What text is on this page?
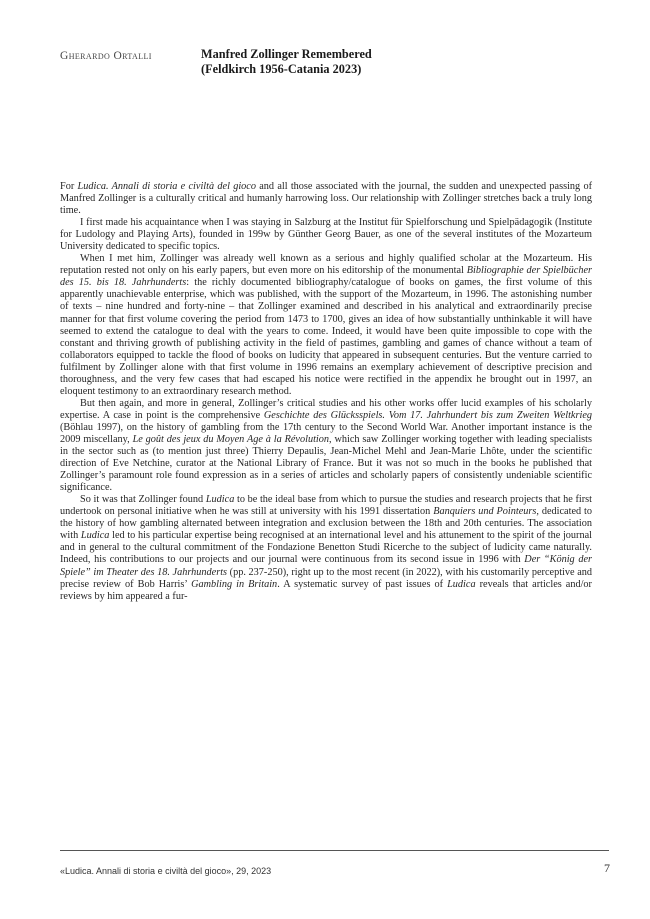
Gherardo Ortalli	Manfred Zollinger Remembered
(Feldkirch 1956-Catania 2023)

For Ludica. Annali di storia e civiltà del gioco and all those associated with the journal, the sudden and unexpected passing of Manfred Zollinger is a culturally critical and humanly harrowing loss. Our relationship with Zollinger stretches back a truly long time.

I first made his acquaintance when I was staying in Salzburg at the Institut für Spielforschung und Spielpädagogik (Institute for Ludology and Playing Arts), founded in 199w by Günther Georg Bauer, as one of the several institutes of the Mozarteum University dedicated to specific topics.

When I met him, Zollinger was already well known as a serious and highly qualified scholar at the Mozarteum. His reputation rested not only on his early papers, but even more on his editorship of the monumental Bibliographie der Spielbücher des 15. bis 18. Jahrhunderts: the richly documented bibliography/catalogue of books on games, the first volume of this apparently unachievable enterprise, which was published, with the support of the Mozarteum, in 1996. The astonishing number of texts – nine hundred and forty-nine – that Zollinger examined and described in his analytical and extraordinarily precise manner for that first volume covering the period from 1473 to 1700, gives an idea of how substantially unthinkable it will have seemed to extend the catalogue to deal with the years to come. Indeed, it would have been quite impossible to cope with the constant and thriving growth of publishing activity in the field of pastimes, gambling and games of chance without a team of collaborators equipped to tackle the flood of books on ludicity that appeared in subsequent centuries. But the venture carried to fulfilment by Zollinger alone with that first volume in 1996 remains an exemplary achievement of descriptive precision and thoroughness, and the very few cases that had escaped his notice were rectified in the appendix he brought out in 1997, an eloquent testimony to an extraordinary research method.

But then again, and more in general, Zollinger’s critical studies and his other works offer lucid examples of his scholarly expertise. A case in point is the comprehensive Geschichte des Glücksspiels. Vom 17. Jahrhundert bis zum Zweiten Weltkrieg (Böhlau 1997), on the history of gambling from the 17th century to the Second World War. Another important instance is the 2009 miscellany, Le goût des jeux du Moyen Age à la Révolution, which saw Zollinger working together with leading specialists in the sector such as (to mention just three) Thierry Depaulis, Jean-Michel Mehl and Jean-Marie Lhôte, under the scientific direction of Eve Netchine, curator at the National Library of France. But it was not so much in the books he published that Zollinger’s paramount role found expression as in a series of articles and scholarly papers of consistently undeniable scientific significance.

So it was that Zollinger found Ludica to be the ideal base from which to pursue the studies and research projects that he first undertook on personal initiative when he was still at university with his 1991 dissertation Banquiers und Pointeurs, dedicated to the history of how gambling alternated between integration and exclusion between the 18th and 20th centuries. The association with Ludica led to his particular expertise being recognised at an international level and his attunement to the spirit of the journal and in general to the cultural commitment of the Fondazione Benetton Studi Ricerche to the subject of ludicity came naturally. Indeed, his contributions to our projects and our journal were continuous from its second issue in 1996 with Der “König der Spiele” im Theater des 18. Jahrhunderts (pp. 237-250), right up to the most recent (in 2022), with his customarily perceptive and precise review of Bob Harris’ Gambling in Britain. A systematic survey of past issues of Ludica reveals that articles and/or reviews by him appeared a fur-

«Ludica. Annali di storia e civiltà del gioco», 29, 2023	7
